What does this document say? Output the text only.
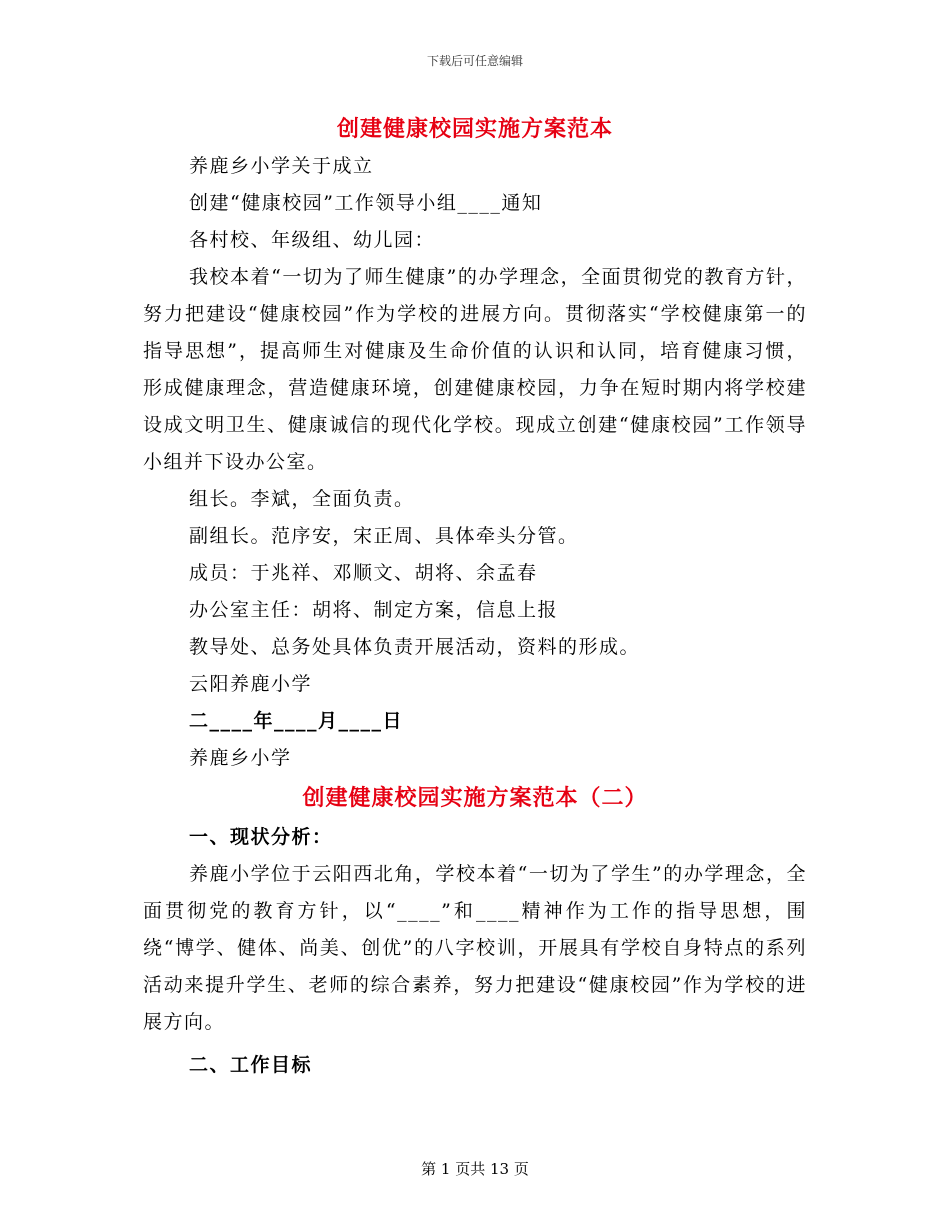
下载后可任意编辑
创建健康校园实施方案范本

养鹿乡小学关于成立

创建“健康校园”工作领导小组____通知

各村校、年级组、幼儿园：

我校本着“一切为了师生健康”的办学理念，全面贯彻党的教育方针，努力把建设“健康校园”作为学校的进展方向。贯彻落实“学校健康第一的指导思想”，提高师生对健康及生命价值的认识和认同，培育健康习惯，形成健康理念，营造健康环境，创建健康校园，力争在短时期内将学校建设成文明卫生、健康诚信的现代化学校。现成立创建“健康校园”工作领导小组并下设办公室。

组长。李斌，全面负责。

副组长。范序安，宋正周、具体牵头分管。

成员：于兆祥、邓顺文、胡将、余孟春

办公室主任：胡将、制定方案，信息上报

教导处、总务处具体负责开展活动，资料的形成。

云阳养鹿小学

二____年____月____日

养鹿乡小学

创建健康校园实施方案范本（二）

一、现状分析：

养鹿小学位于云阳西北角，学校本着“一切为了学生”的办学理念，全面贯彻党的教育方针，以“____”和____精神作为工作的指导思想，围绕“博学、健体、尚美、创优”的八字校训，开展具有学校自身特点的系列活动来提升学生、老师的综合素养，努力把建设“健康校园”作为学校的进展方向。

二、工作目标

第 1 页共 13 页
